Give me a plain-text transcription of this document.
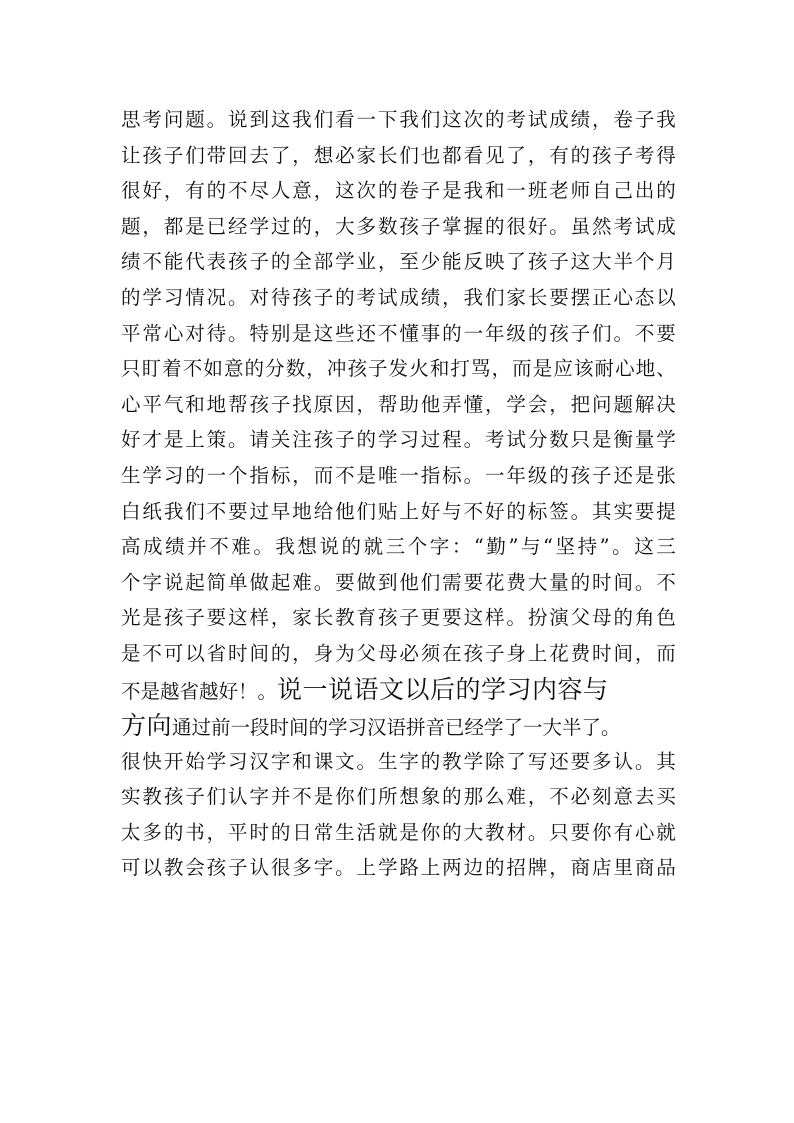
思考问题。说到这我们看一下我们这次的考试成绩，卷子我
让孩子们带回去了，想必家长们也都看见了，有的孩子考得
很好，有的不尽人意，这次的卷子是我和一班老师自己出的
题，都是已经学过的，大多数孩子掌握的很好。虽然考试成
绩不能代表孩子的全部学业，至少能反映了孩子这大半个月
的学习情况。对待孩子的考试成绩，我们家长要摆正心态以
平常心对待。特别是这些还不懂事的一年级的孩子们。不要
只盯着不如意的分数，冲孩子发火和打骂，而是应该耐心地、
心平气和地帮孩子找原因，帮助他弄懂，学会，把问题解决
好才是上策。请关注孩子的学习过程。考试分数只是衡量学
生学习的一个指标，而不是唯一指标。一年级的孩子还是张
白纸我们不要过早地给他们贴上好与不好的标签。其实要提
高成绩并不难。我想说的就三个字：“勤”与“坚持”。这三
个字说起简单做起难。要做到他们需要花费大量的时间。不
光是孩子要这样，家长教育孩子更要这样。扮演父母的角色
是不可以省时间的，身为父母必须在孩子身上花费时间，而
不是越省越好！。说一说语文以后的学习内容与
方向通过前一段时间的学习汉语拼音已经学了一大半了。
很快开始学习汉字和课文。生字的教学除了写还要多认。其
实教孩子们认字并不是你们所想象的那么难，不必刻意去买
太多的书，平时的日常生活就是你的大教材。只要你有心就
可以教会孩子认很多字。上学路上两边的招牌，商店里商品
